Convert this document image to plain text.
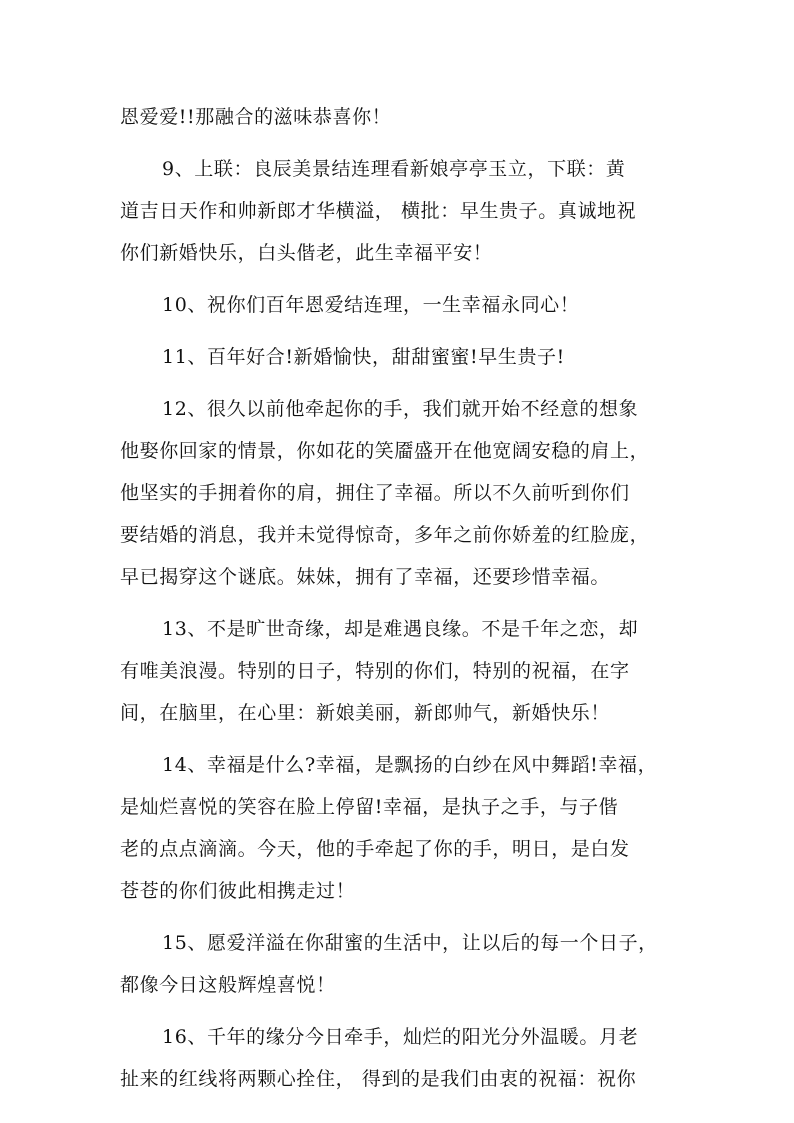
恩爱爱!!那融合的滋味恭喜你！
9、上联：良辰美景结连理看新娘亭亭玉立，下联：黄
道吉日天作和帅新郎才华横溢， 横批：早生贵子。真诚地祝
你们新婚快乐，白头偕老，此生幸福平安！
10、祝你们百年恩爱结连理，一生幸福永同心！
11、百年好合!新婚愉快，甜甜蜜蜜!早生贵子!
12、很久以前他牵起你的手，我们就开始不经意的想象
他娶你回家的情景，你如花的笑靥盛开在他宽阔安稳的肩上，
他坚实的手拥着你的肩，拥住了幸福。所以不久前听到你们
要结婚的消息，我并未觉得惊奇，多年之前你娇羞的红脸庞，
早已揭穿这个谜底。妹妹，拥有了幸福，还要珍惜幸福。
13、不是旷世奇缘，却是难遇良缘。不是千年之恋，却
有唯美浪漫。特别的日子，特别的你们，特别的祝福，在字
间，在脑里，在心里：新娘美丽，新郎帅气，新婚快乐！
14、幸福是什么?幸福，是飘扬的白纱在风中舞蹈!幸福，
是灿烂喜悦的笑容在脸上停留!幸福，是执子之手，与子偕
老的点点滴滴。今天，他的手牵起了你的手，明日，是白发
苍苍的你们彼此相携走过！
15、愿爱洋溢在你甜蜜的生活中，让以后的每一个日子，
都像今日这般辉煌喜悦！
16、千年的缘分今日牵手，灿烂的阳光分外温暖。月老
扯来的红线将两颗心拴住， 得到的是我们由衷的祝福：祝你
